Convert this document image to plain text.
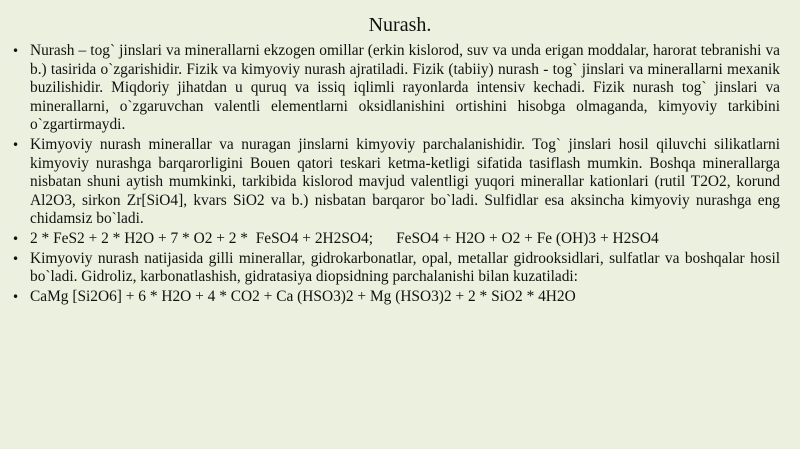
Nurash.
• Nurash – tog` jinslari va minerallarni ekzogen omillar (erkin kislorod, suv va unda erigan moddalar, harorat tebranishi va b.) tasirida o`zgarishidir. Fizik va kimyoviy nurash ajratiladi. Fizik (tabiiy) nurash - tog` jinslari va minerallarni mexanik buzilishidir. Miqdoriy jihatdan u quruq va issiq iqlimli rayonlarda intensiv kechadi. Fizik nurash tog` jinslari va minerallarni, o`zgaruvchan valentli elementlarni oksidlanishini ortishini hisobga olmaganda, kimyoviy tarkibini o`zgartirmaydi.
• Kimyoviy nurash minerallar va nuragan jinslarni kimyoviy parchalanishidir. Tog` jinslari hosil qiluvchi silikatlarni kimyoviy nurashga barqarorligini Bouen qatori teskari ketma-ketligi sifatida tasiflash mumkin. Boshqa minerallarga nisbatan shuni aytish mumkinki, tarkibida kislorod mavjud valentligi yuqori minerallar kationlari (rutil T2O2, korund Al2O3, sirkon Zr[SiO4], kvars SiO2 va b.) nisbatan barqaror bo`ladi. Sulfidlar esa aksincha kimyoviy nurashga eng chidamsiz bo`ladi.
• 2 * FeS2 + 2 * H2O + 7 * O2 + 2 *  FeSO4 + 2H2SO4;      FeSO4 + H2O + O2 + Fe (OH)3 + H2SO4
• Kimyoviy nurash natijasida gilli minerallar, gidrokarbonatlar, opal, metallar gidrooksidlari, sulfatlar va boshqalar hosil bo`ladi. Gidroliz, karbonatlashish, gidratasiya diopsidning parchalanishi bilan kuzatiladi:
• CaMg [Si2O6] + 6 * H2O + 4 * CO2 + Ca (HSO3)2 + Mg (HSO3)2 + 2 * SiO2 * 4H2O
